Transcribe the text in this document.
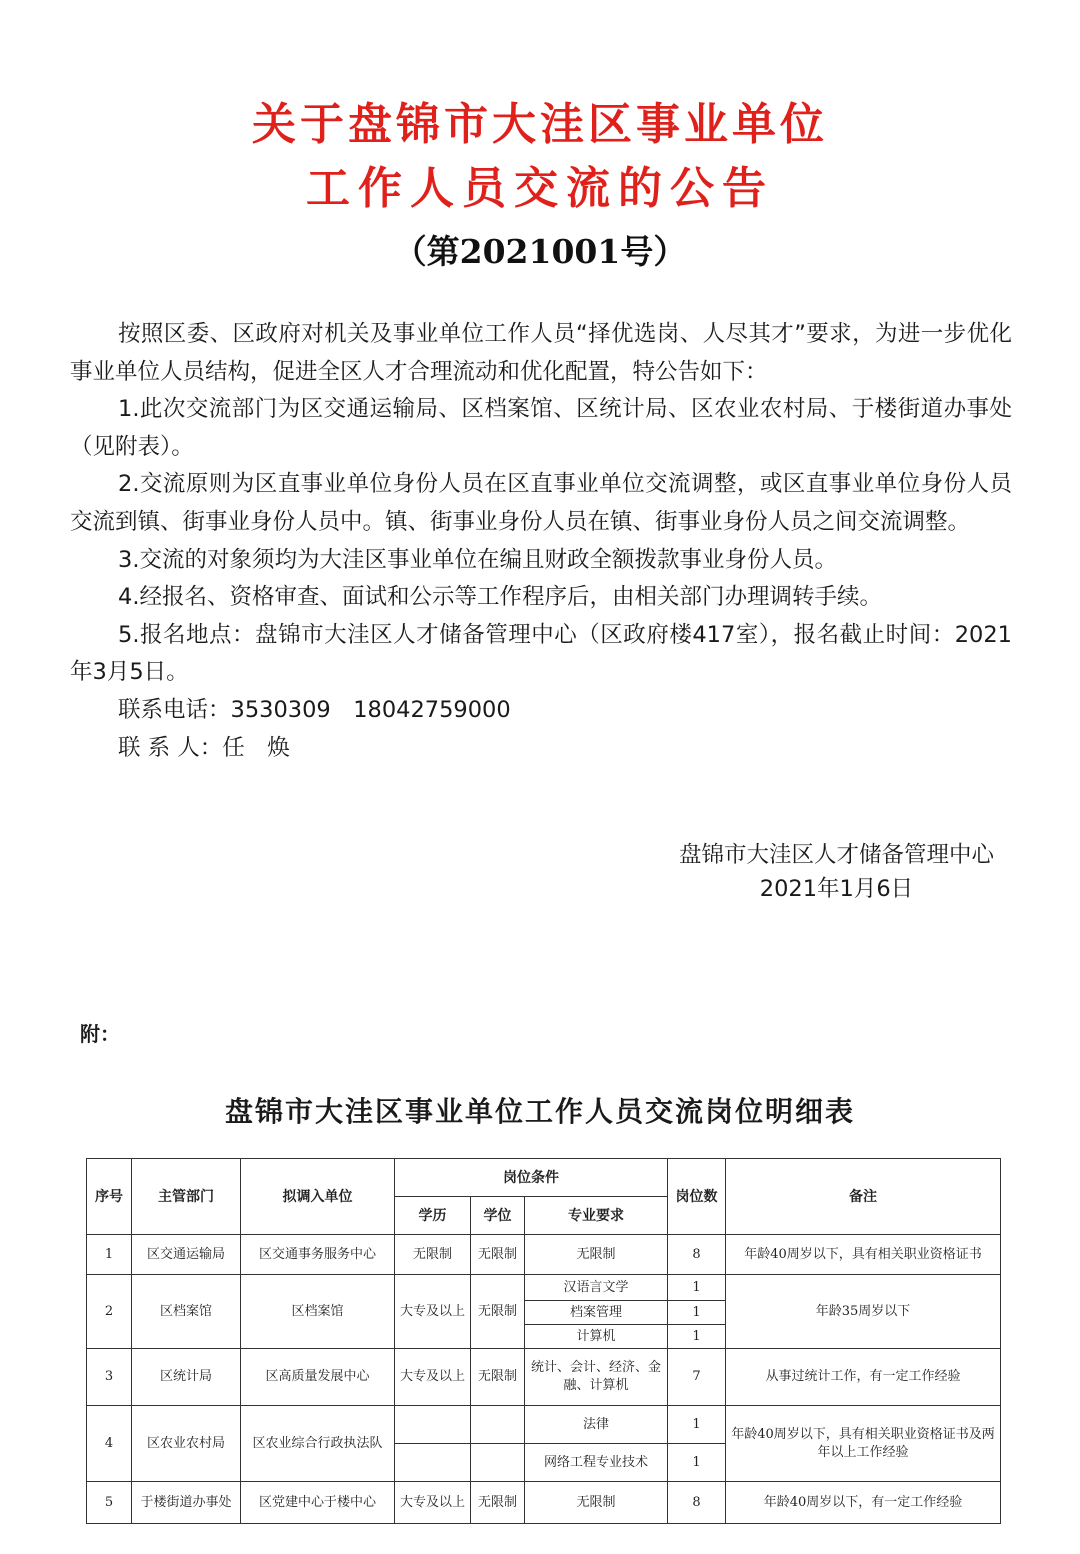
关于盘锦市大洼区事业单位
工作人员交流的公告
（第2021001号）

按照区委、区政府对机关及事业单位工作人员“择优选岗、人尽其才”要求，为进一步优化事业单位人员结构，促进全区人才合理流动和优化配置，特公告如下：

1.此次交流部门为区交通运输局、区档案馆、区统计局、区农业农村局、于楼街道办事处（见附表）。

2.交流原则为区直事业单位身份人员在区直事业单位交流调整，或区直事业单位身份人员交流到镇、街事业身份人员中。镇、街事业身份人员在镇、街事业身份人员之间交流调整。

3.交流的对象须均为大洼区事业单位在编且财政全额拨款事业身份人员。

4.经报名、资格审查、面试和公示等工作程序后，由相关部门办理调转手续。

5.报名地点：盘锦市大洼区人才储备管理中心（区政府楼417室），报名截止时间：2021年3月5日。

联系电话：3530309　18042759000

联 系 人：任　焕

盘锦市大洼区人才储备管理中心
2021年1月6日
附：
盘锦市大洼区事业单位工作人员交流岗位明细表
序号	主管部门	拟调入单位	岗位条件			岗位数	备注
			学历	学位	专业要求		
1	区交通运输局	区交通事务服务中心	无限制	无限制	无限制	8	年龄40周岁以下，具有相关职业资格证书
2	区档案馆	区档案馆	大专及以上	无限制	汉语言文学	1	年龄35周岁以下
					档案管理	1	
					计算机	1	
3	区统计局	区高质量发展中心	大专及以上	无限制	统计、会计、经济、金融、计算机	7	从事过统计工作，有一定工作经验
4	区农业农村局	区农业综合行政执法队			法律	1	年龄40周岁以下，具有相关职业资格证书及两年以上工作经验
					网络工程专业技术	1	
5	于楼街道办事处	区党建中心于楼中心	大专及以上	无限制	无限制	8	年龄40周岁以下，有一定工作经验
